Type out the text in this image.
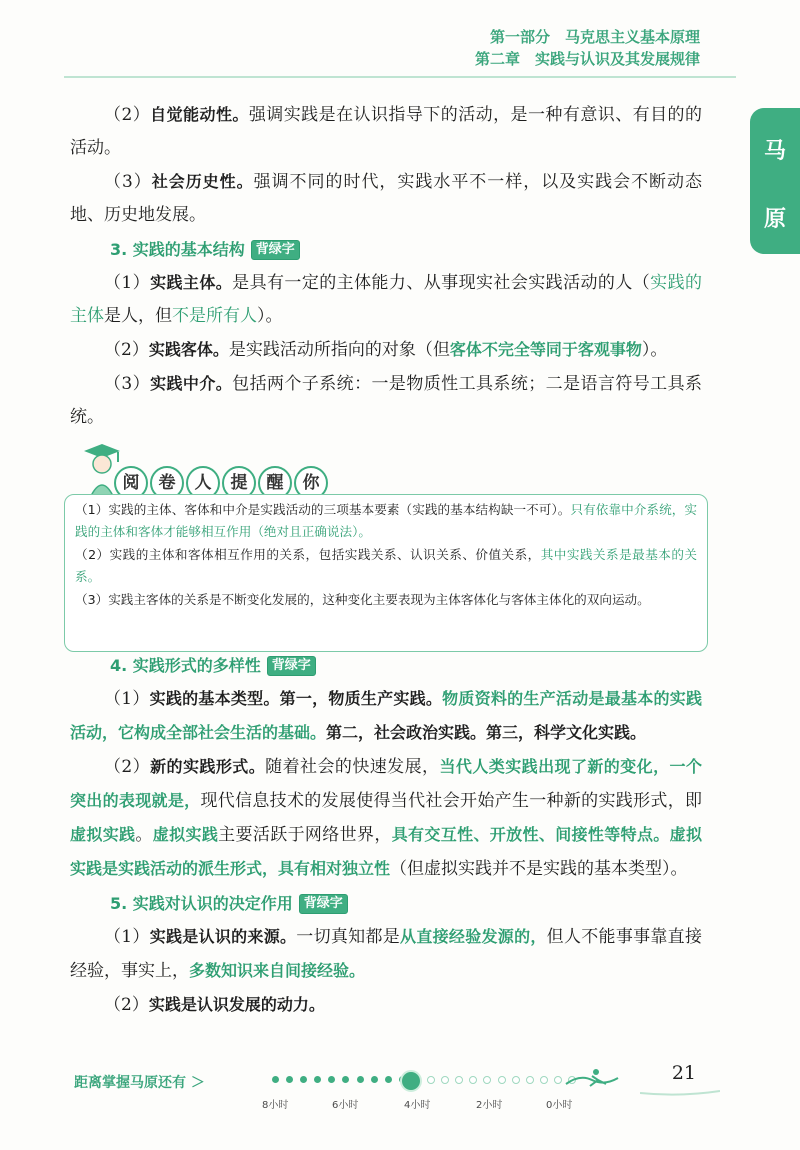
第一部分　马克思主义基本原理
第二章　实践与认识及其发展规律
马
原

（2）自觉能动性。强调实践是在认识指导下的活动，是一种有意识、有目的的活动。

（3）社会历史性。强调不同的时代，实践水平不一样，以及实践会不断动态地、历史地发展。

3. 实践的基本结构 背绿字

（1）实践主体。是具有一定的主体能力、从事现实社会实践活动的人（实践的主体是人，但不是所有人）。

（2）实践客体。是实践活动所指向的对象（但客体不完全等同于客观事物）。

（3）实践中介。包括两个子系统：一是物质性工具系统；二是语言符号工具系统。

阅	卷	人	提	醒	你

（1）实践的主体、客体和中介是实践活动的三项基本要素（实践的基本结构缺一不可）。只有依靠中介系统，实践的主体和客体才能够相互作用（绝对且正确说法）。

（2）实践的主体和客体相互作用的关系，包括实践关系、认识关系、价值关系，其中实践关系是最基本的关系。

（3）实践主客体的关系是不断变化发展的，这种变化主要表现为主体客体化与客体主体化的双向运动。

4. 实践形式的多样性 背绿字

（1）实践的基本类型。第一，物质生产实践。物质资料的生产活动是最基本的实践活动，它构成全部社会生活的基础。第二，社会政治实践。第三，科学文化实践。

（2）新的实践形式。随着社会的快速发展，当代人类实践出现了新的变化，一个突出的表现就是，现代信息技术的发展使得当代社会开始产生一种新的实践形式，即虚拟实践。虚拟实践主要活跃于网络世界，具有交互性、开放性、间接性等特点。虚拟实践是实践活动的派生形式，具有相对独立性（但虚拟实践并不是实践的基本类型）。

5. 实践对认识的决定作用 背绿字

（1）实践是认识的来源。一切真知都是从直接经验发源的，但人不能事事靠直接经验，事实上，多数知识来自间接经验。

（2）实践是认识发展的动力。

距离掌握马原还有 ＞
8小时	6小时	4小时	2小时	0小时
21
